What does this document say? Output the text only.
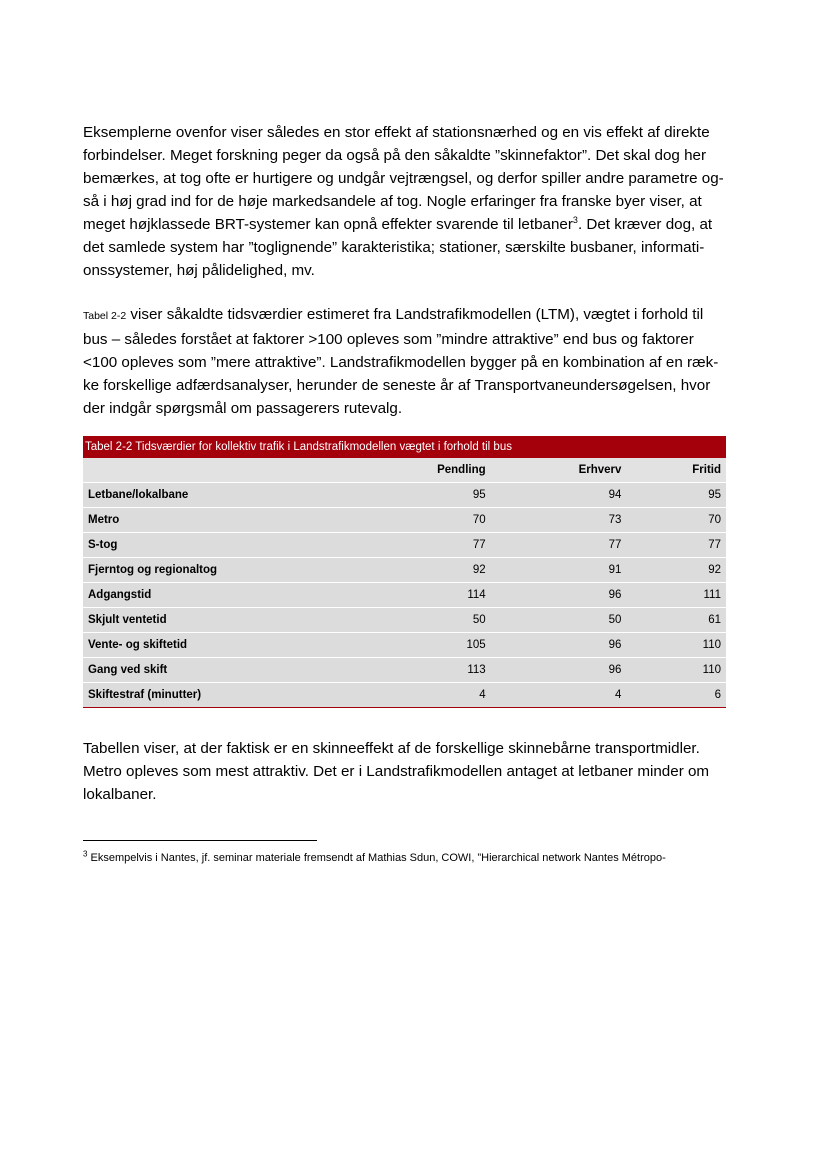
Eksemplerne ovenfor viser således en stor effekt af stationsnærhed og en vis effekt af direkte
forbindelser. Meget forskning peger da også på den såkaldte ”skinnefaktor”. Det skal dog her
bemærkes, at tog ofte er hurtigere og undgår vejtrængsel, og derfor spiller andre parametre og-
så i høj grad ind for de høje markedsandele af tog. Nogle erfaringer fra franske byer viser, at
meget højklassede BRT-systemer kan opnå effekter svarende til letbaner$^3$. Det kræver dog, at
det samlede system har ”toglignende” karakteristika; stationer, særskilte busbaner, informati-
onssystemer, høj pålidelighed, mv.

Tabel 2-2 viser såkaldte tidsværdier estimeret fra Landstrafikmodellen (LTM), vægtet i forhold til
bus – således forstået at faktorer >100 opleves som ”mindre attraktive” end bus og faktorer
<100 opleves som ”mere attraktive”. Landstrafikmodellen bygger på en kombination af en ræk-
ke forskellige adfærdsanalyser, herunder de seneste år af Transportvaneundersøgelsen, hvor
der indgår spørgsmål om passagerers rutevalg.

Tabel 2-2 Tidsværdier for kollektiv trafik i Landstrafikmodellen vægtet i forhold til bus
	Pendling	Erhverv	Fritid
Letbane/lokalbane	95	94	95
Metro	70	73	70
S-tog	77	77	77
Fjerntog og regionaltog	92	91	92
Adgangstid	114	96	111
Skjult ventetid	50	50	61
Vente- og skiftetid	105	96	110
Gang ved skift	113	96	110
Skiftestraf (minutter)	4	4	6

Tabellen viser, at der faktisk er en skinneeffekt af de forskellige skinnebårne transportmidler.
Metro opleves som mest attraktiv. Det er i Landstrafikmodellen antaget at letbaner minder om
lokalbaner.

$^3$ Eksempelvis i Nantes, jf. seminar materiale fremsendt af Mathias Sdun, COWI, ”Hierarchical network Nantes Métropo-
